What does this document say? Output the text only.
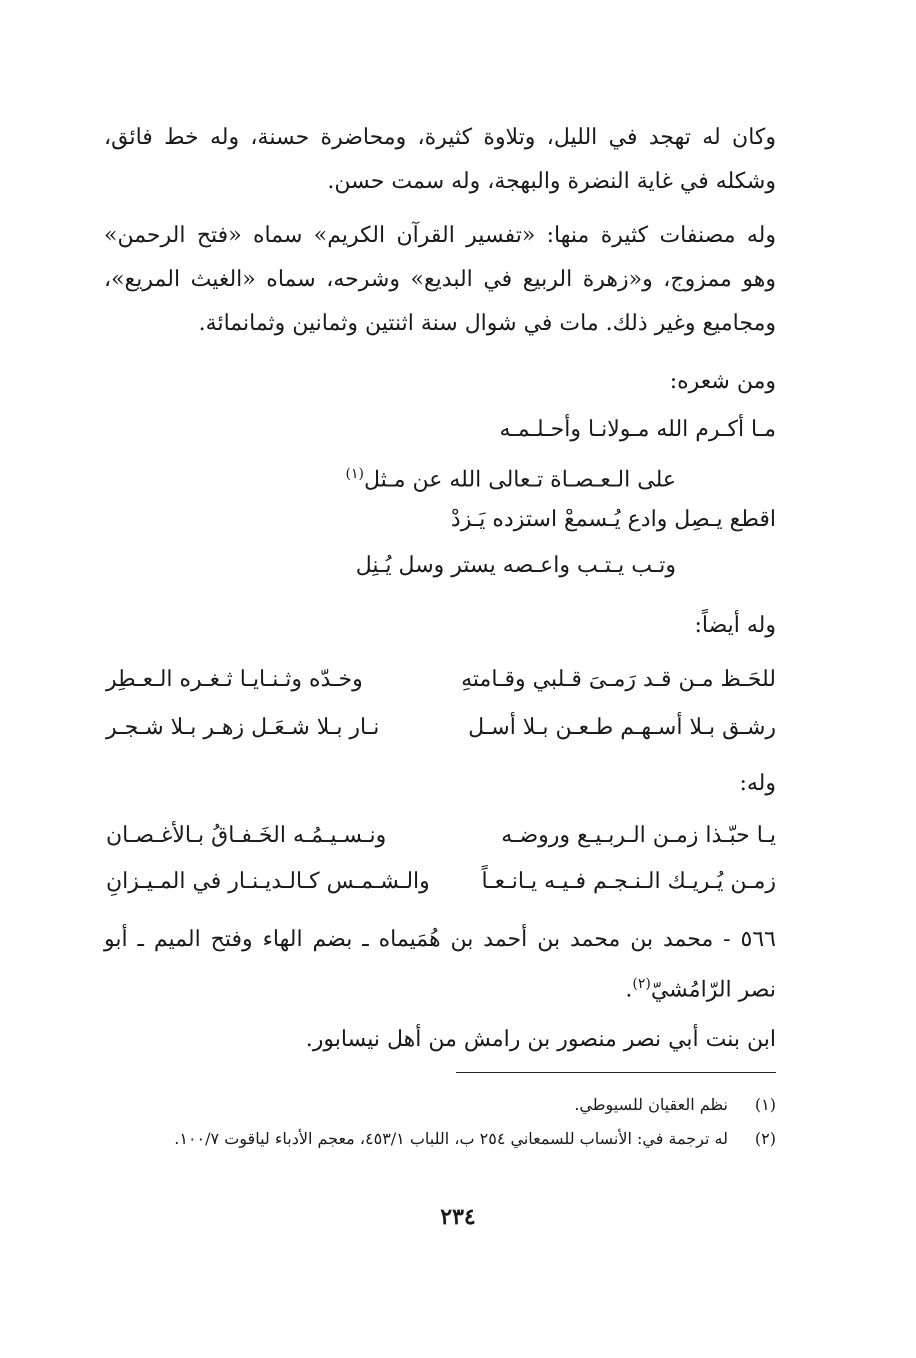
وكان له تهجد في الليل، وتلاوة كثيرة، ومحاضرة حسنة، وله خط فائق، وشكله في غاية النضرة والبهجة، وله سمت حسن.

وله مصنفات كثيرة منها: «تفسير القرآن الكريم» سماه «فتح الرحمن» وهو ممزوج، و«زهرة الربيع في البديع» وشرحه، سماه «الغيث المريع»، ومجاميع وغير ذلك. مات في شوال سنة اثنتين وثمانين وثمانمائة.

ومن شعره:

مـا أكـرم الله مـولانـا وأحـلـمـه

على الـعـصـاة تـعالى الله عن مـثل$^{(١)}$

اقطع يـصِل وادع يُـسمعْ استزده يَـزدْ

وتـب يـتـب واعـصه يستر وسل يُـنِل

وله أيضاً:

للحَـظ مـن قـد رَمـىَ قـلبي وقـامتهِ

وخـدّه وثـنـايـا ثـغـره الـعـطِر

رشـق بـلا أسـهـم طـعـن بـلا أسـل

نـار بـلا شـعَـل زهـر بـلا شـجـر

وله:

يـا حبّـذا زمـن الـربـيـع وروضـه

ونـسـيـمُـه الخَـفـاقُ بـالأغـصـان

زمـن يُـريـك الـنـجـم فـيـه يـانـعـاً

والـشـمـس كـالـديـنـار في المـيـزانِ

٥٦٦ - محمد بن محمد بن أحمد بن هُمَيماه ـ بضم الهاء وفتح الميم ـ أبو نصر الرّامُشيّ$^{(٢)}$.

ابن بنت أبي نصر منصور بن رامش من أهل نيسابور.

(١)
نظم العقيان للسيوطي.
(٢)
له ترجمة في: الأنساب للسمعاني ٢٥٤ ب، اللباب ٤٥٣/١، معجم الأدباء لياقوت ١٠٠/٧.
٢٣٤
